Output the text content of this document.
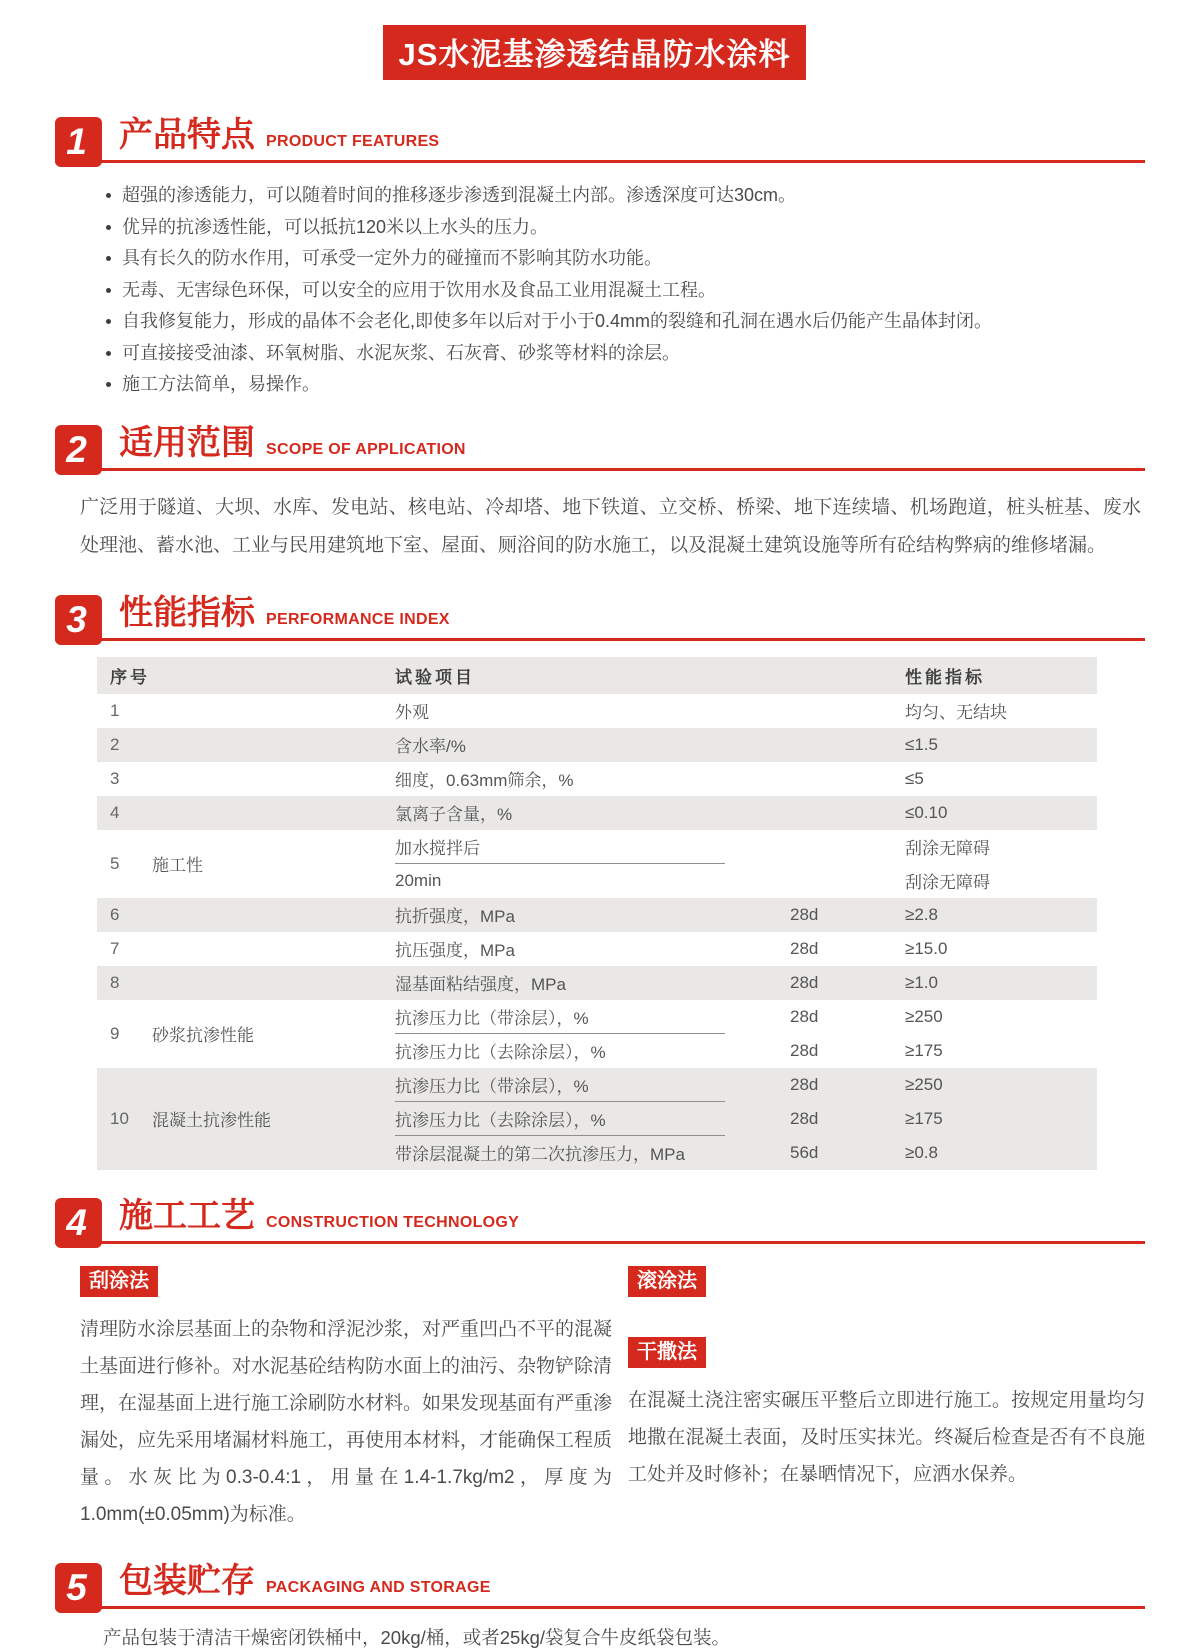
JS水泥基渗透结晶防水涂料
1 产品特点 PRODUCT FEATURES
超强的渗透能力，可以随着时间的推移逐步渗透到混凝土内部。渗透深度可达30cm。
优异的抗渗透性能，可以抵抗120米以上水头的压力。
具有长久的防水作用，可承受一定外力的碰撞而不影响其防水功能。
无毒、无害绿色环保，可以安全的应用于饮用水及食品工业用混凝土工程。
自我修复能力，形成的晶体不会老化,即使多年以后对于小于0.4mm的裂缝和孔洞在遇水后仍能产生晶体封闭。
可直接接受油漆、环氧树脂、水泥灰浆、石灰膏、砂浆等材料的涂层。
施工方法简单，易操作。
2 适用范围 SCOPE OF APPLICATION

广泛用于隧道、大坝、水库、发电站、核电站、冷却塔、地下铁道、立交桥、桥梁、地下连续墙、机场跑道，桩头桩基、废水处理池、蓄水池、工业与民用建筑地下室、屋面、厕浴间的防水施工，以及混凝土建筑设施等所有砼结构弊病的维修堵漏。

3 性能指标 PERFORMANCE INDEX
序号	试验项目	性能指标
1	外观	均匀、无结块
2	含水率/%	≤1.5
3	细度，0.63mm筛余，%	≤5
4	氯离子含量，%	≤0.10
5	施工性
加水搅拌后	刮涂无障碍
20min	刮涂无障碍
6	抗折强度，MPa	28d	≥2.8
7	抗压强度，MPa	28d	≥15.0
8	湿基面粘结强度，MPa	28d	≥1.0
9	砂浆抗渗性能
抗渗压力比（带涂层），%	28d	≥250
抗渗压力比（去除涂层），%	28d	≥175
10	混凝土抗渗性能
抗渗压力比（带涂层），%	28d	≥250
抗渗压力比（去除涂层），%	28d	≥175
带涂层混凝土的第二次抗渗压力，MPa	56d	≥0.8
4 施工工艺 CONSTRUCTION TECHNOLOGY
刮涂法

清理防水涂层基面上的杂物和浮泥沙浆，对严重凹凸不平的混凝土基面进行修补。对水泥基砼结构防水面上的油污、杂物铲除清理，在湿基面上进行施工涂刷防水材料。如果发现基面有严重渗漏处，应先采用堵漏材料施工，再使用本材料，才能确保工程质量。水灰比为0.3-0.4:1，用量在1.4-1.7kg/m2，厚度为1.0mm(±0.05mm)为标准。

滚涂法
干撒法

在混凝土浇注密实碾压平整后立即进行施工。按规定用量均匀地撒在混凝土表面，及时压实抹光。终凝后检查是否有不良施工处并及时修补；在暴晒情况下，应洒水保养。

5 包装贮存 PACKAGING AND STORAGE

产品包装于清洁干燥密闭铁桶中，20kg/桶，或者25kg/袋复合牛皮纸袋包装。
